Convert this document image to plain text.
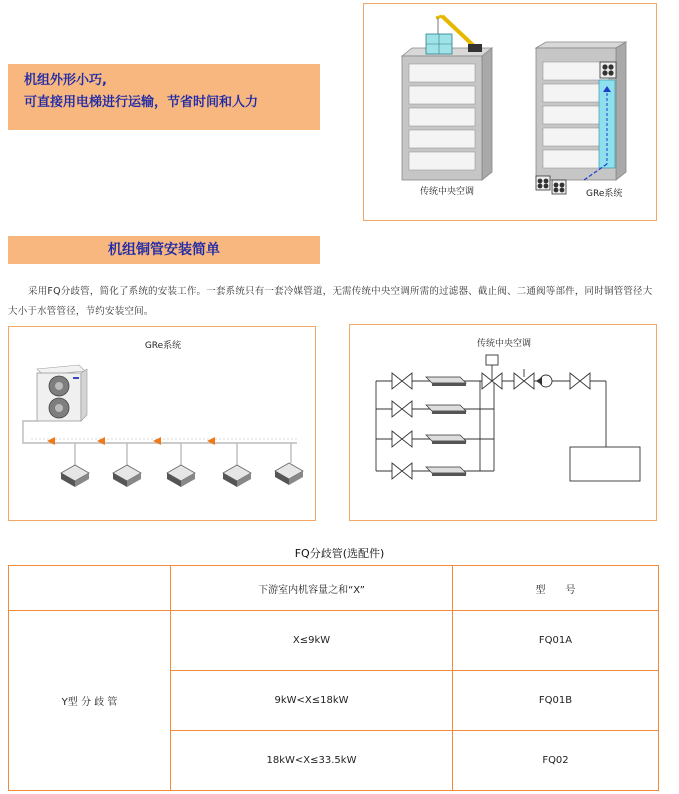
机组外形小巧,
可直接用电梯进行运输，节省时间和人力
传统中央空调	GRe系统
机组铜管安装简单

采用FQ分歧管，简化了系统的安装工作。一套系统只有一套冷媒管道，无需传统中央空调所需的过滤器、截止阀、二通阀等部件，同时铜管管径大大小于水管管径，节约安装空间。

GRe系统	传统中央空调
FQ分歧管(选配件)
	下游室内机容量之和“X”	型　　号
Y型 分 歧 管	X≤9kW	FQ01A
	9kW<X≤18kW	FQ01B
	18kW<X≤33.5kW	FQ02
